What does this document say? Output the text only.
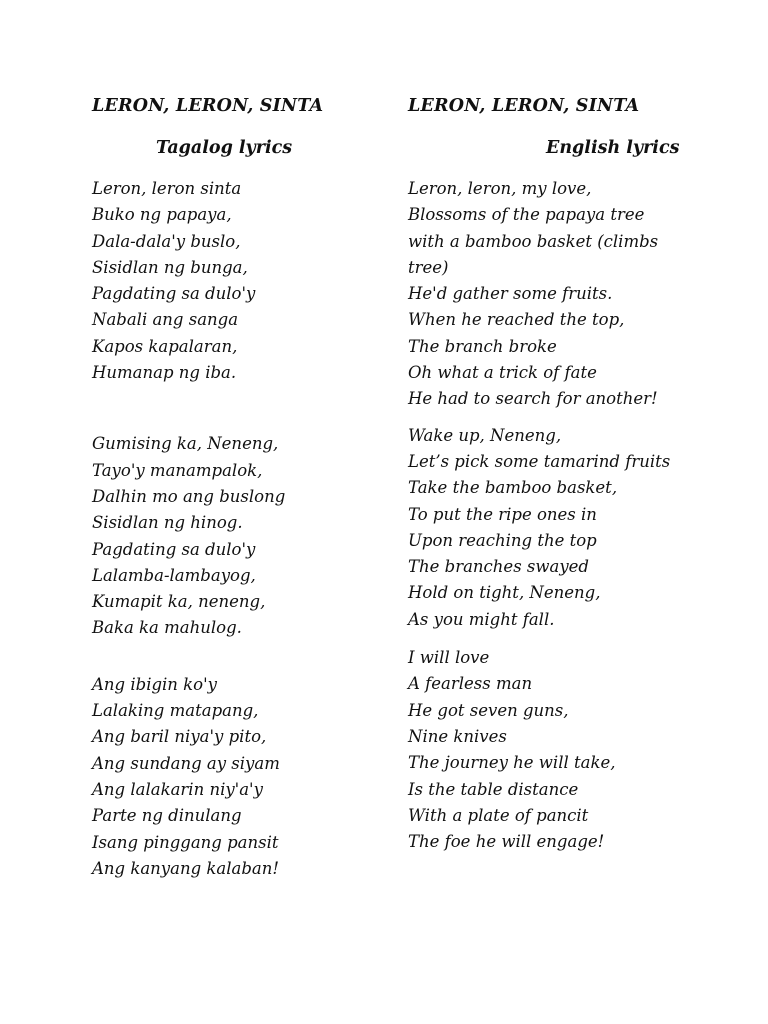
LERON, LERON, SINTA
Tagalog lyrics
Leron, leron sinta
Buko ng papaya,
Dala-dala'y buslo,
Sisidlan ng bunga,
Pagdating sa dulo'y
Nabali ang sanga
Kapos kapalaran,
Humanap ng iba.
Gumising ka, Neneng,
Tayo'y manampalok,
Dalhin mo ang buslong
Sisidlan ng hinog.
Pagdating sa dulo'y
Lalamba-lambayog,
Kumapit ka, neneng,
Baka ka mahulog.
Ang ibigin ko'y
Lalaking matapang,
Ang baril niya'y pito,
Ang sundang ay siyam
Ang lalakarin niy'a'y
Parte ng dinulang
Isang pinggang pansit
Ang kanyang kalaban!
LERON, LERON, SINTA
English lyrics
Leron, leron, my love,
Blossoms of the papaya tree
with a bamboo basket (climbs
tree)
He'd gather some fruits.
When he reached the top,
The branch broke
Oh what a trick of fate
He had to search for another!
Wake up, Neneng,
Let’s pick some tamarind fruits
Take the bamboo basket,
To put the ripe ones in
Upon reaching the top
The branches swayed
Hold on tight, Neneng,
As you might fall.
I will love
A fearless man
He got seven guns,
Nine knives
The journey he will take,
Is the table distance
With a plate of pancit
The foe he will engage!
